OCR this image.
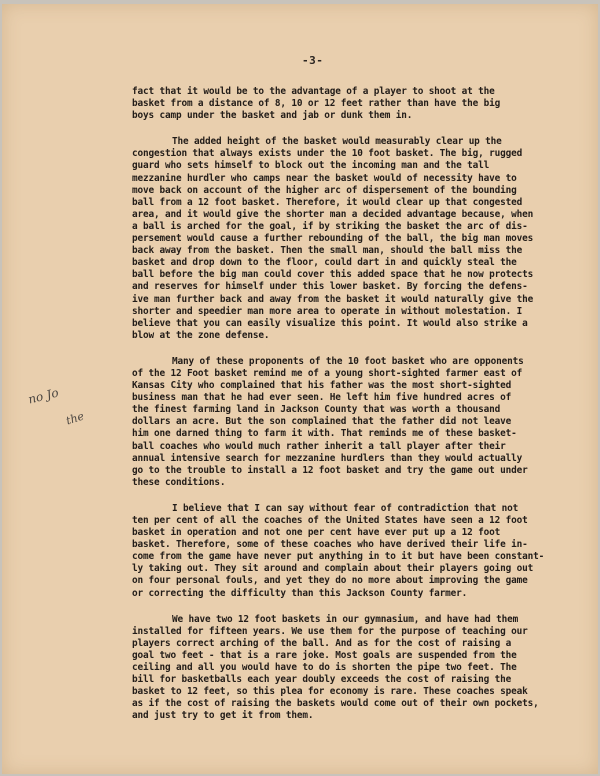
-3-
no Jo
the
fact that it would be to the advantage of a player to shoot at the
basket from a distance of 8, 10 or 12 feet rather than have the big
boys camp under the basket and jab or dunk them in.
The added height of the basket would measurably clear up the
congestion that always exists under the 10 foot basket. The big, rugged
guard who sets himself to block out the incoming man and the tall
mezzanine hurdler who camps near the basket would of necessity have to
move back on account of the higher arc of dispersement of the bounding
ball from a 12 foot basket. Therefore, it would clear up that congested
area, and it would give the shorter man a decided advantage because, when
a ball is arched for the goal, if by striking the basket the arc of dis-
persement would cause a further rebounding of the ball, the big man moves
back away from the basket. Then the small man, should the ball miss the
basket and drop down to the floor, could dart in and quickly steal the
ball before the big man could cover this added space that he now protects
and reserves for himself under this lower basket. By forcing the defens-
ive man further back and away from the basket it would naturally give the
shorter and speedier man more area to operate in without molestation. I
believe that you can easily visualize this point. It would also strike a
blow at the zone defense.
Many of these proponents of the 10 foot basket who are opponents
of the 12 Foot basket remind me of a young short-sighted farmer east of
Kansas City who complained that his father was the most short-sighted
business man that he had ever seen. He left him five hundred acres of
the finest farming land in Jackson County that was worth a thousand
dollars an acre. But the son complained that the father did not leave
him one darned thing to farm it with. That reminds me of these basket-
ball coaches who would much rather inherit a tall player after their
annual intensive search for mezzanine hurdlers than they would actually
go to the trouble to install a 12 foot basket and try the game out under
these conditions.
I believe that I can say without fear of contradiction that not
ten per cent of all the coaches of the United States have seen a 12 foot
basket in operation and not one per cent have ever put up a 12 foot
basket. Therefore, some of these coaches who have derived their life in-
come from the game have never put anything in to it but have been constant-
ly taking out. They sit around and complain about their players going out
on four personal fouls, and yet they do no more about improving the game
or correcting the difficulty than this Jackson County farmer.
We have two 12 foot baskets in our gymnasium, and have had them
installed for fifteen years. We use them for the purpose of teaching our
players correct arching of the ball. And as for the cost of raising a
goal two feet - that is a rare joke. Most goals are suspended from the
ceiling and all you would have to do is shorten the pipe two feet. The
bill for basketballs each year doubly exceeds the cost of raising the
basket to 12 feet, so this plea for economy is rare. These coaches speak
as if the cost of raising the baskets would come out of their own pockets,
and just try to get it from them.
